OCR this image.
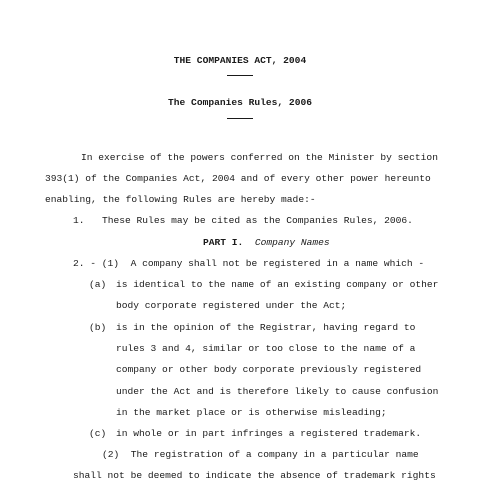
THE COMPANIES ACT, 2004
The Companies Rules, 2006
In exercise of the powers conferred on the Minister by section
393(1) of the Companies Act, 2004 and of every other power hereunto
enabling, the following Rules are hereby made:-
1. These Rules may be cited as the Companies Rules, 2006.
PART I. Company Names
2. - (1)  A company shall not be registered in a name which -
(a) is identical to the name of an existing company or other
body corporate registered under the Act;
(b) is in the opinion of the Registrar, having regard to
rules 3 and 4, similar or too close to the name of a
company or other body corporate previously registered
under the Act and is therefore likely to cause confusion
in the market place or is otherwise misleading;
(c) in whole or in part infringes a registered trademark.
(2)  The registration of a company in a particular name
shall not be deemed to indicate the absence of trademark rights
